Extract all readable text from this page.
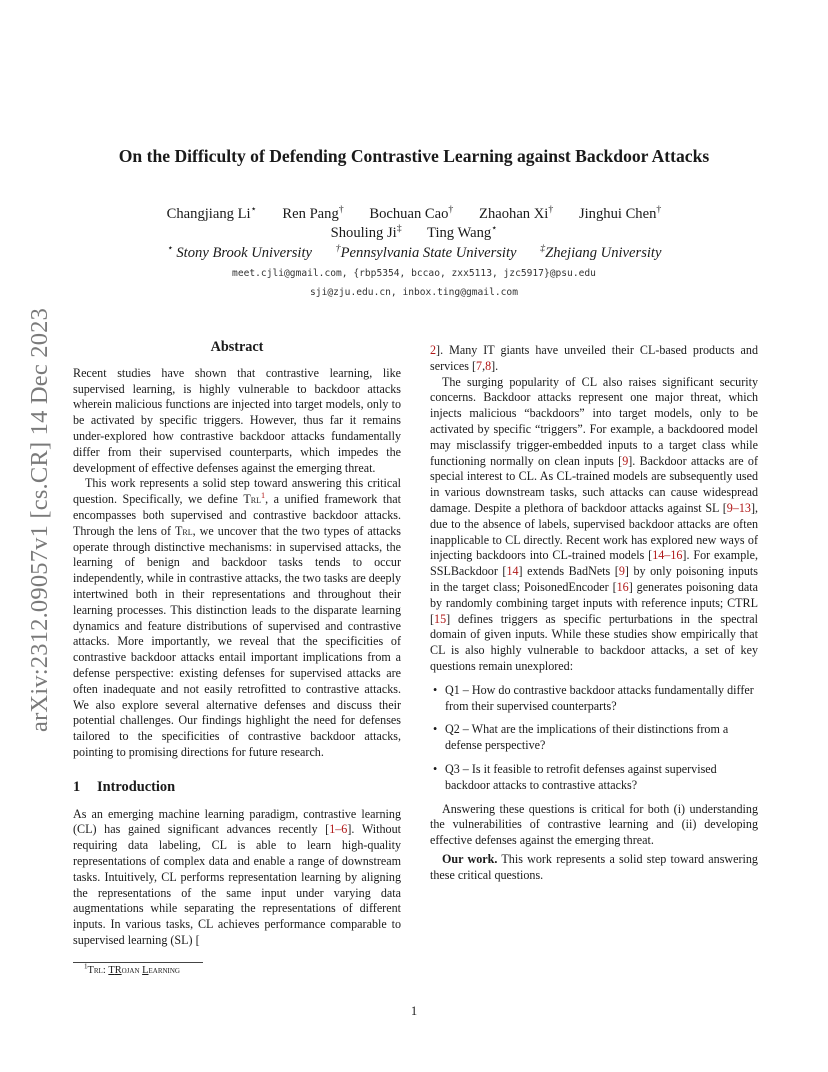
arXiv:2312.09057v1 [cs.CR] 14 Dec 2023
On the Difficulty of Defending Contrastive Learning against Backdoor Attacks
Changjiang Li⋆ Ren Pang† Bochuan Cao† Zhaohan Xi† Jinghui Chen†
Shouling Ji‡ Ting Wang⋆
⋆ Stony Brook University †Pennsylvania State University ‡Zhejiang University
meet.cjli@gmail.com, {rbp5354, bccao, zxx5113, jzc5917}@psu.edu
sji@zju.edu.cn, inbox.ting@gmail.com
Abstract

Recent studies have shown that contrastive learning, like supervised learning, is highly vulnerable to backdoor attacks wherein malicious functions are injected into target models, only to be activated by specific triggers. However, thus far it remains under-explored how contrastive backdoor attacks fundamentally differ from their supervised counterparts, which impedes the development of effective defenses against the emerging threat.

This work represents a solid step toward answering this critical question. Specifically, we define Trl$^1$, a unified framework that encompasses both supervised and contrastive backdoor attacks. Through the lens of Trl, we uncover that the two types of attacks operate through distinctive mechanisms: in supervised attacks, the learning of benign and backdoor tasks tends to occur independently, while in contrastive attacks, the two tasks are deeply intertwined both in their representations and throughout their learning processes. This distinction leads to the disparate learning dynamics and feature distributions of supervised and contrastive attacks. More importantly, we reveal that the specificities of contrastive backdoor attacks entail important implications from a defense perspective: existing defenses for supervised attacks are often inadequate and not easily retrofitted to contrastive attacks. We also explore several alternative defenses and discuss their potential challenges. Our findings highlight the need for defenses tailored to the specificities of contrastive backdoor attacks, pointing to promising directions for future research.

1 Introduction

As an emerging machine learning paradigm, contrastive learning (CL) has gained significant advances recently [1–6]. Without requiring data labeling, CL is able to learn high-quality representations of complex data and enable a range of downstream tasks. Intuitively, CL performs representation learning by aligning the representations of the same input under varying data augmentations while separating the representations of different inputs. In various tasks, CL achieves performance comparable to supervised learning (SL) [

2]. Many IT giants have unveiled their CL-based products and services [7,8].

The surging popularity of CL also raises significant security concerns. Backdoor attacks represent one major threat, which injects malicious “backdoors” into target models, only to be activated by specific “triggers”. For example, a backdoored model may misclassify trigger-embedded inputs to a target class while functioning normally on clean inputs [9]. Backdoor attacks are of special interest to CL. As CL-trained models are subsequently used in various downstream tasks, such attacks can cause widespread damage. Despite a plethora of backdoor attacks against SL [9–13], due to the absence of labels, supervised backdoor attacks are often inapplicable to CL directly. Recent work has explored new ways of injecting backdoors into CL-trained models [14–16]. For example, SSLBackdoor [14] extends BadNets [9] by only poisoning inputs in the target class; PoisonedEncoder [16] generates poisoning data by randomly combining target inputs with reference inputs; CTRL [15] defines triggers as specific perturbations in the spectral domain of given inputs. While these studies show empirically that CL is also highly vulnerable to backdoor attacks, a set of key questions remain unexplored:

• Q1 – How do contrastive backdoor attacks fundamentally differ from their supervised counterparts?
• Q2 – What are the implications of their distinctions from a defense perspective?
• Q3 – Is it feasible to retrofit defenses against supervised backdoor attacks to contrastive attacks?

Answering these questions is critical for both (i) understanding the vulnerabilities of contrastive learning and (ii) developing effective defenses against the emerging threat.

Our work. This work represents a solid step toward answering these critical questions.

$^1$Trl: TRojan Learning
1
